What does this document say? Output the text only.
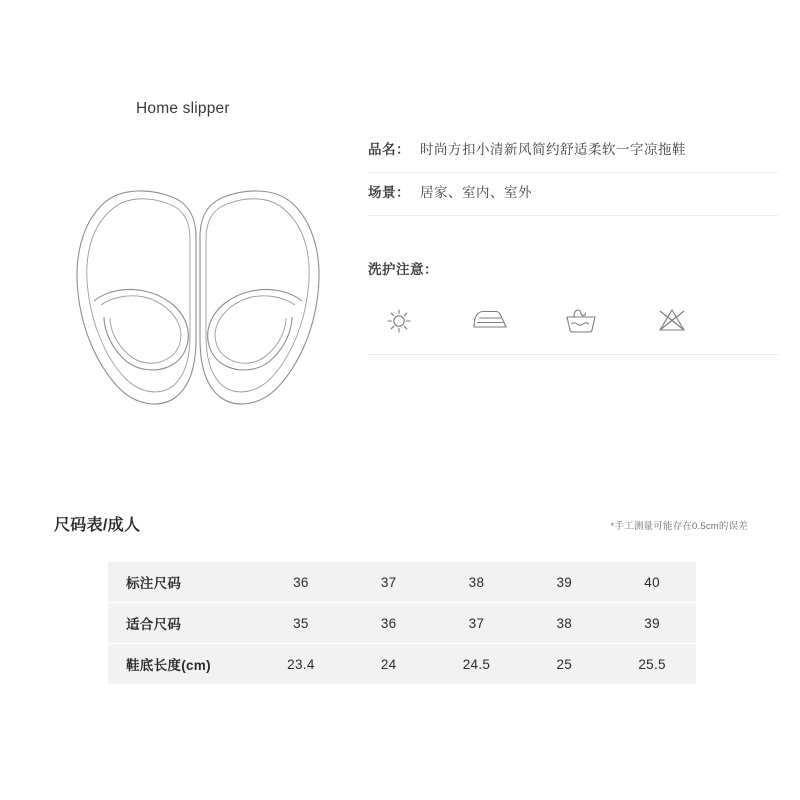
Home slipper
品名： 时尚方扣小清新风简约舒适柔软一字凉拖鞋
场景： 居家、室内、室外
洗护注意：
尺码表/成人	*手工测量可能存在0.5cm的误差
标注尺码	36	37	38	39	40
适合尺码	35	36	37	38	39
鞋底长度(cm)	23.4	24	24.5	25	25.5
